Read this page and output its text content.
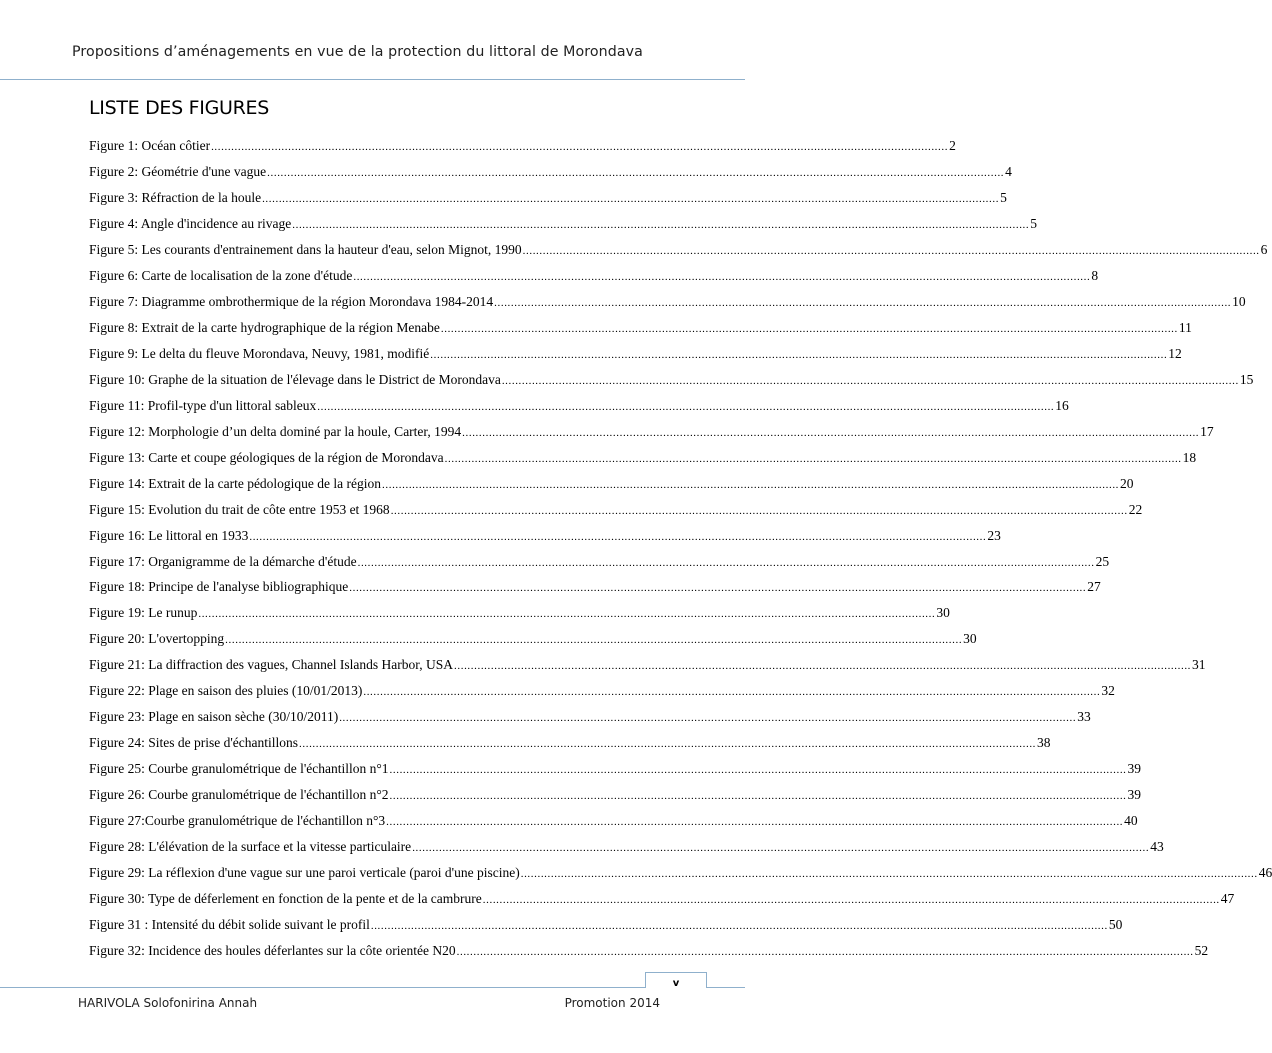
Propositions d’aménagements en vue de la protection du littoral de Morondava
LISTE DES FIGURES
Figure 1: Océan côtier ............................................................................................................................................................................................................................ 2
Figure 2: Géométrie d'une vague ............................................................................................................................................................................................................................ 4
Figure 3: Réfraction de la houle ............................................................................................................................................................................................................................ 5
Figure 4: Angle d'incidence au rivage ............................................................................................................................................................................................................................ 5
Figure 5: Les courants d'entrainement dans la hauteur d'eau, selon Mignot, 1990 ............................................................................................................................................................................................................................ 6
Figure 6: Carte de localisation de la zone d'étude ............................................................................................................................................................................................................................ 8
Figure 7: Diagramme ombrothermique de la région Morondava 1984-2014 ............................................................................................................................................................................................................................ 10
Figure 8: Extrait de la carte hydrographique de la région Menabe ............................................................................................................................................................................................................................ 11
Figure 9: Le delta du fleuve Morondava, Neuvy, 1981, modifié ............................................................................................................................................................................................................................ 12
Figure 10: Graphe de la situation de l'élevage dans le District de Morondava ............................................................................................................................................................................................................................ 15
Figure 11: Profil-type d'un littoral sableux ............................................................................................................................................................................................................................ 16
Figure 12: Morphologie d’un delta dominé par la houle, Carter, 1994 ............................................................................................................................................................................................................................ 17
Figure 13: Carte et coupe géologiques de la région de Morondava ............................................................................................................................................................................................................................ 18
Figure 14: Extrait de la carte pédologique de la région ............................................................................................................................................................................................................................ 20
Figure 15: Evolution du trait de côte entre 1953 et 1968 ............................................................................................................................................................................................................................ 22
Figure 16: Le littoral en 1933 ............................................................................................................................................................................................................................ 23
Figure 17: Organigramme de la démarche d'étude ............................................................................................................................................................................................................................ 25
Figure 18: Principe de l'analyse bibliographique ............................................................................................................................................................................................................................ 27
Figure 19: Le runup ............................................................................................................................................................................................................................ 30
Figure 20: L'overtopping ............................................................................................................................................................................................................................ 30
Figure 21: La diffraction des vagues, Channel Islands Harbor, USA ............................................................................................................................................................................................................................ 31
Figure 22: Plage en saison des pluies (10/01/2013) ............................................................................................................................................................................................................................ 32
Figure 23: Plage en saison sèche (30/10/2011) ............................................................................................................................................................................................................................ 33
Figure 24: Sites de prise d'échantillons ............................................................................................................................................................................................................................ 38
Figure 25: Courbe granulométrique de l'échantillon n°1 ............................................................................................................................................................................................................................ 39
Figure 26: Courbe granulométrique de l'échantillon n°2 ............................................................................................................................................................................................................................ 39
Figure 27:Courbe granulométrique de l'échantillon n°3 ............................................................................................................................................................................................................................ 40
Figure 28: L'élévation de la surface et la vitesse particulaire ............................................................................................................................................................................................................................ 43
Figure 29: La réflexion d'une vague sur une paroi verticale (paroi d'une piscine) ............................................................................................................................................................................................................................ 46
Figure 30: Type de déferlement en fonction de la pente et de la cambrure ............................................................................................................................................................................................................................ 47
Figure 31 : Intensité du débit solide suivant le profil ............................................................................................................................................................................................................................ 50
Figure 32: Incidence des houles déferlantes sur la côte orientée N20 ............................................................................................................................................................................................................................ 52
v
HARIVOLA Solofonirina Annah	Promotion 2014
